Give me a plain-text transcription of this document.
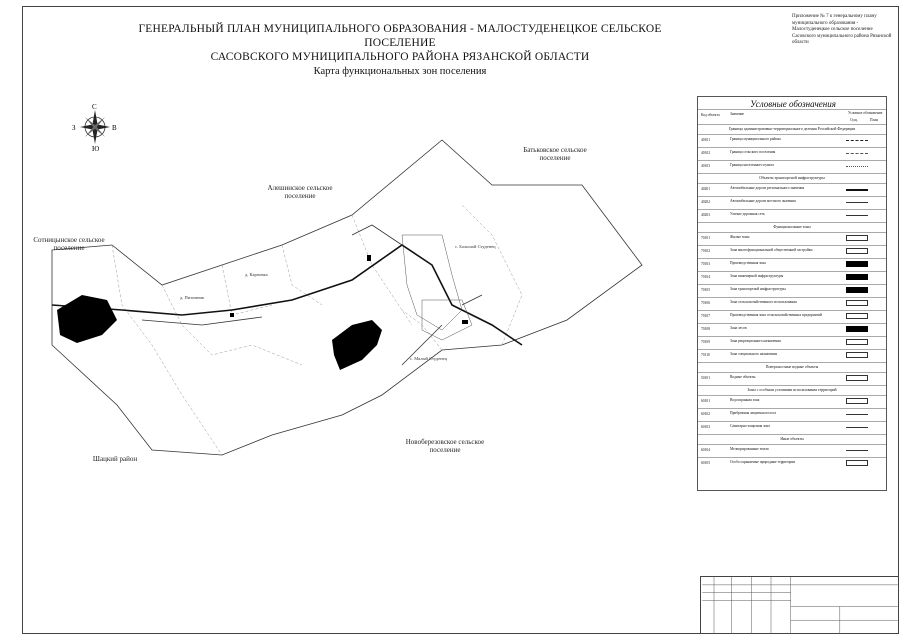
ГЕНЕРАЛЬНЫЙ ПЛАН МУНИЦИПАЛЬНОГО ОБРАЗОВАНИЯ - МАЛОСТУДЕНЕЦКОЕ СЕЛЬСКОЕ ПОСЕЛЕНИЕ
САСОВСКОГО МУНИЦИПАЛЬНОГО РАЙОНА РЯЗАНСКОЙ ОБЛАСТИ
Карта функциональных зон поселения
Приложение № 7 к генеральному плану муниципального образования - Малостуденецкое сельское поселение Сасовского муниципального района Рязанской области
С
Ю
З	В
Батьковское сельское поселение
Алешинское сельское поселение
Сотницынское сельское поселение
Новоберезовское сельское поселение
Шацкий район
д. Карповка
д. Питомник
с. Большой Студенец
с. Малый Студенец
Условные обозначения
Код объекта	Значение	Условное обозначение
Сущ.	План
Границы административно-территориального деления Российской Федерации
40101	Граница муниципального района
40102	Граница сельского поселения
40103	Граница населенного пункта
Объекты транспортной инфраструктуры
40201	Автомобильные дороги регионального значения
40202	Автомобильные дороги местного значения
40203	Улично-дорожная сеть
Функциональные зоны
70101	Жилые зоны
70102	Зона многофункциональной общественной застройки
70103	Производственная зона
70104	Зона инженерной инфраструктуры
70105	Зона транспортной инфраструктуры
70106	Зона сельскохозяйственного использования
70107	Производственная зона сельскохозяйственных предприятий
70108	Зона лесов
70109	Зона рекреационного назначения
70110	Зона специального назначения
Поверхностные водные объекты
50101	Водные объекты
Зоны с особыми условиями использования территорий
60101	Водоохранная зона
60102	Прибрежная защитная полоса
60103	Санитарно-защитная зона
Иные объекты
60104	Мелиорированные земли
60105	Особо охраняемые природные территории
